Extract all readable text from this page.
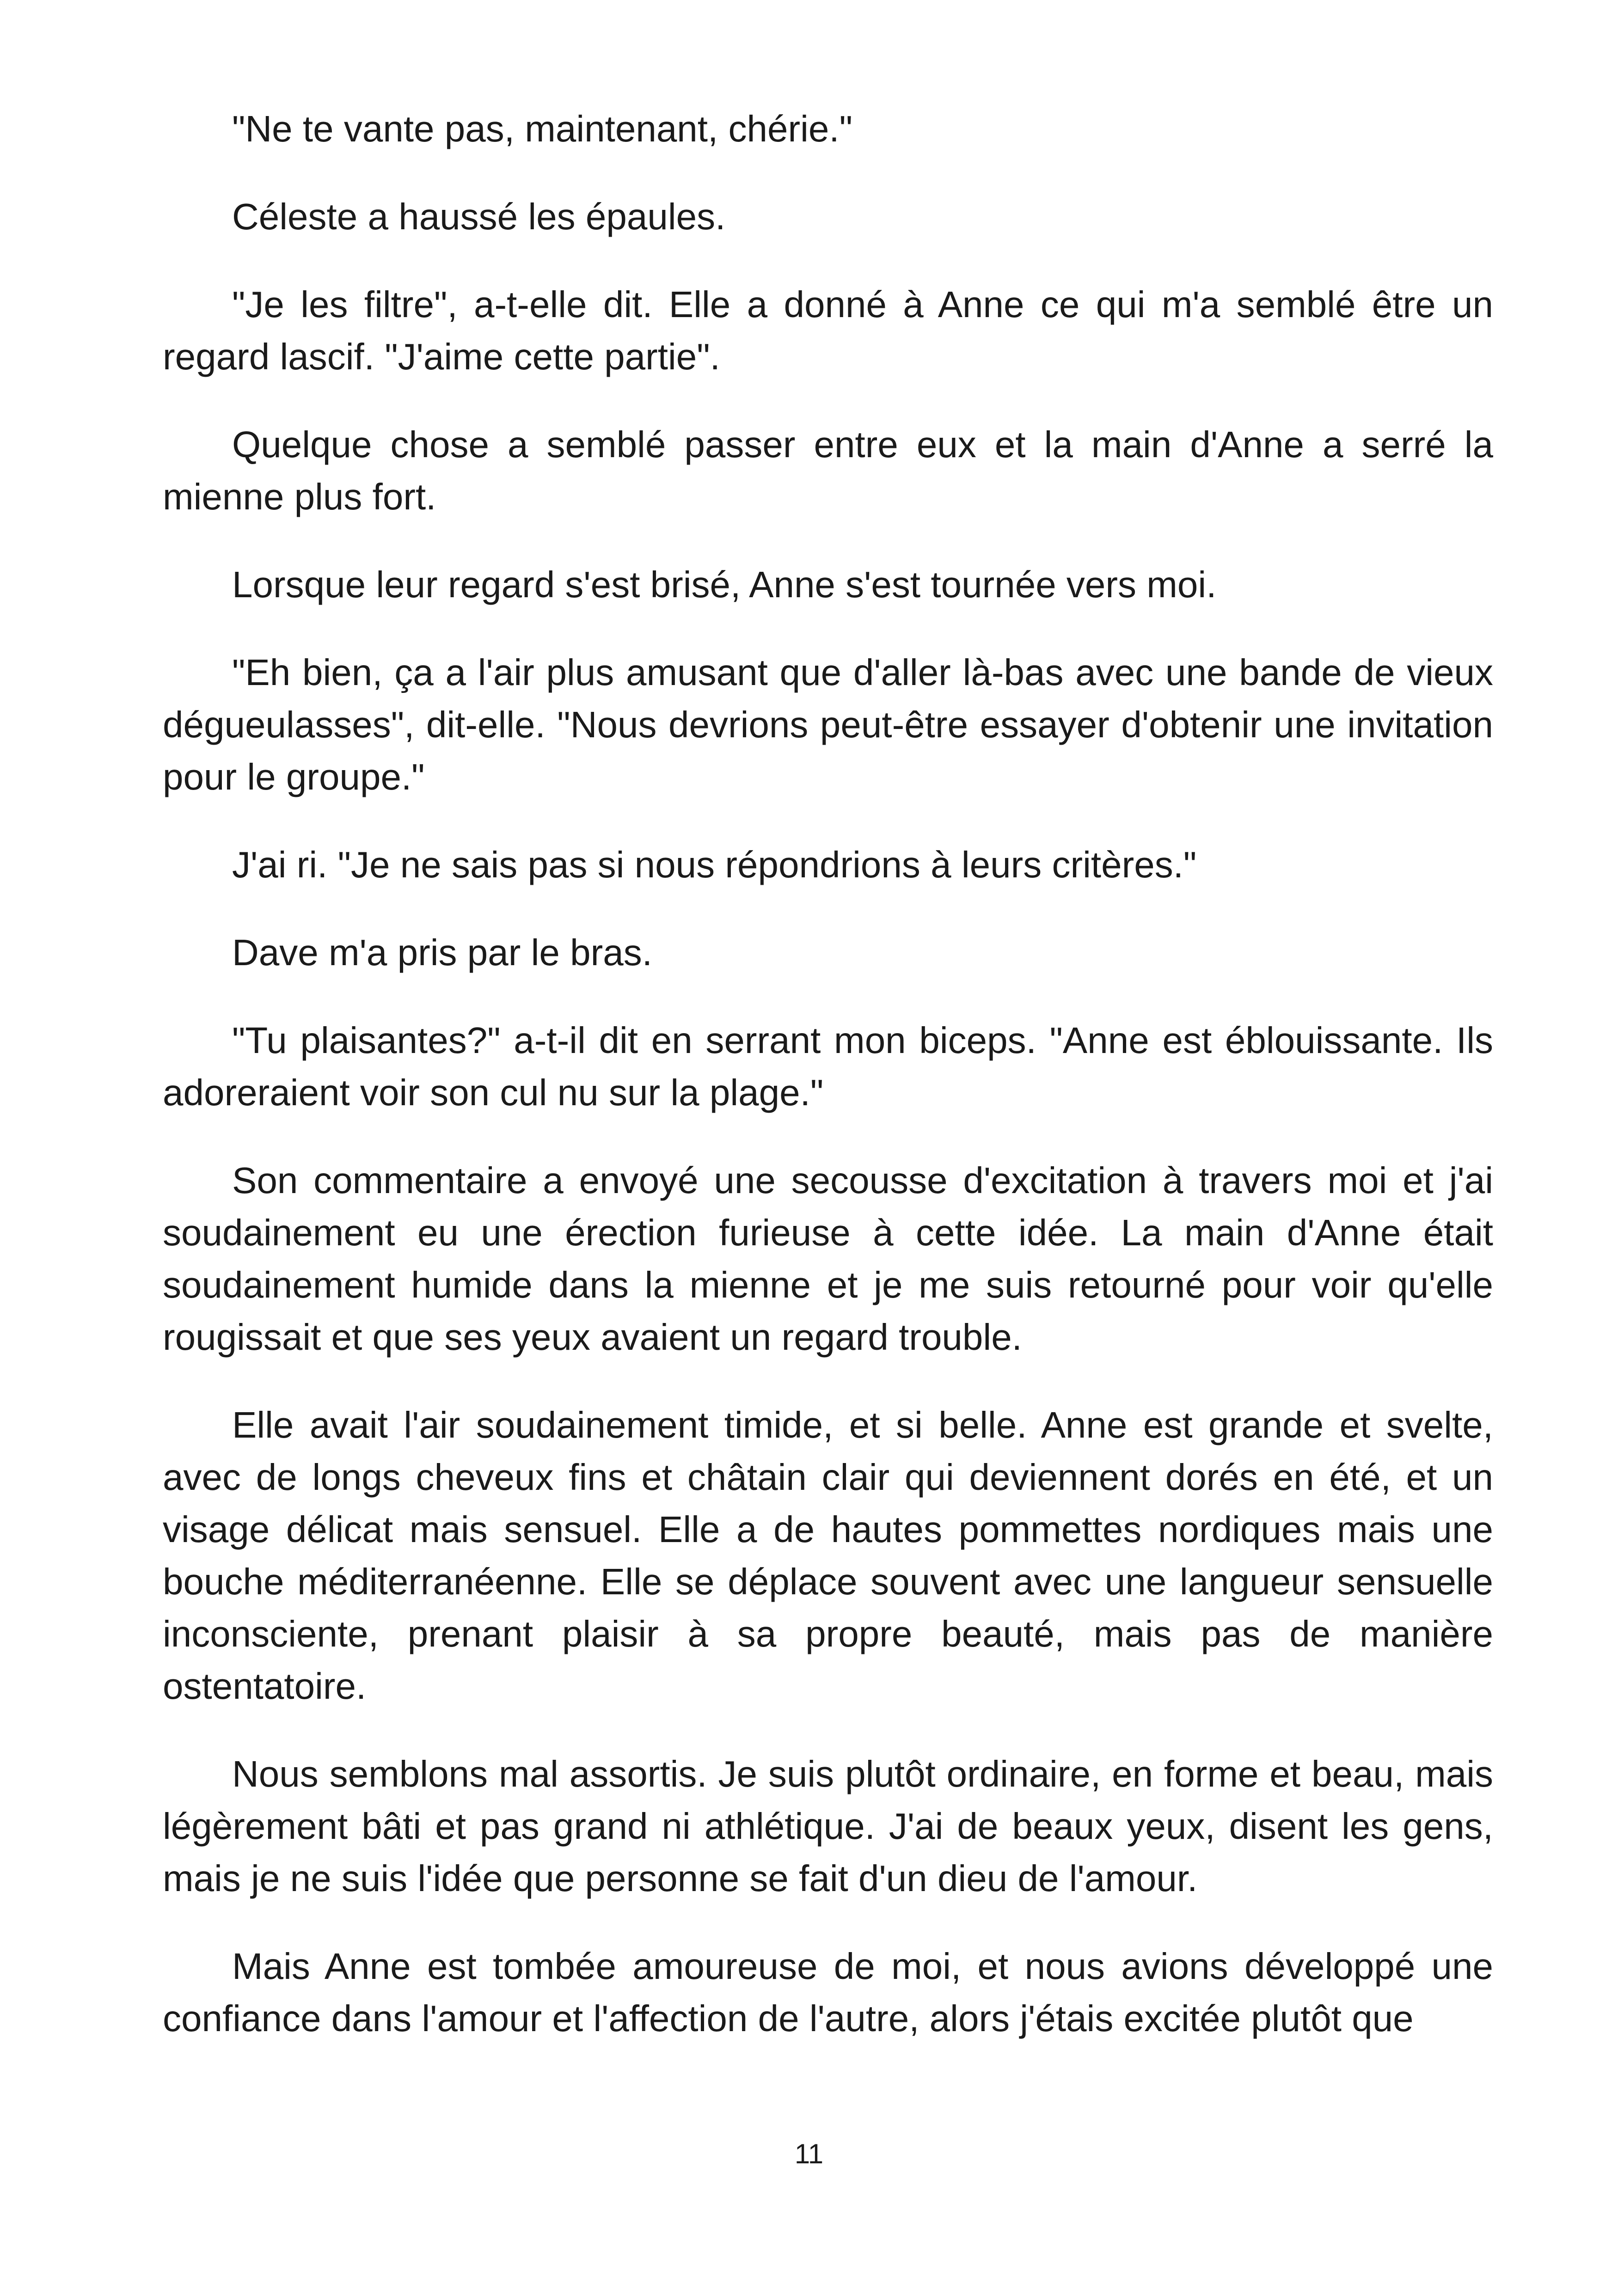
"Ne te vante pas, maintenant, chérie."

Céleste a haussé les épaules.

"Je les filtre", a-t-elle dit. Elle a donné à Anne ce qui m'a semblé être un regard lascif. "J'aime cette partie".

Quelque chose a semblé passer entre eux et la main d'Anne a serré la mienne plus fort.

Lorsque leur regard s'est brisé, Anne s'est tournée vers moi.

"Eh bien, ça a l'air plus amusant que d'aller là-bas avec une bande de vieux dégueulasses", dit-elle. "Nous devrions peut-être essayer d'obtenir une invitation pour le groupe."

J'ai ri. "Je ne sais pas si nous répondrions à leurs critères."

Dave m'a pris par le bras.

"Tu plaisantes?" a-t-il dit en serrant mon biceps. "Anne est éblouissante. Ils adoreraient voir son cul nu sur la plage."

Son commentaire a envoyé une secousse d'excitation à travers moi et j'ai soudainement eu une érection furieuse à cette idée. La main d'Anne était soudainement humide dans la mienne et je me suis retourné pour voir qu'elle rougissait et que ses yeux avaient un regard trouble.

Elle avait l'air soudainement timide, et si belle. Anne est grande et svelte, avec de longs cheveux fins et châtain clair qui deviennent dorés en été, et un visage délicat mais sensuel. Elle a de hautes pommettes nordiques mais une bouche méditerranéenne. Elle se déplace souvent avec une langueur sensuelle inconsciente, prenant plaisir à sa propre beauté, mais pas de manière ostentatoire.

Nous semblons mal assortis. Je suis plutôt ordinaire, en forme et beau, mais légèrement bâti et pas grand ni athlétique. J'ai de beaux yeux, disent les gens, mais je ne suis l'idée que personne se fait d'un dieu de l'amour.

Mais Anne est tombée amoureuse de moi, et nous avions développé une confiance dans l'amour et l'affection de l'autre, alors j'étais excitée plutôt que

11
